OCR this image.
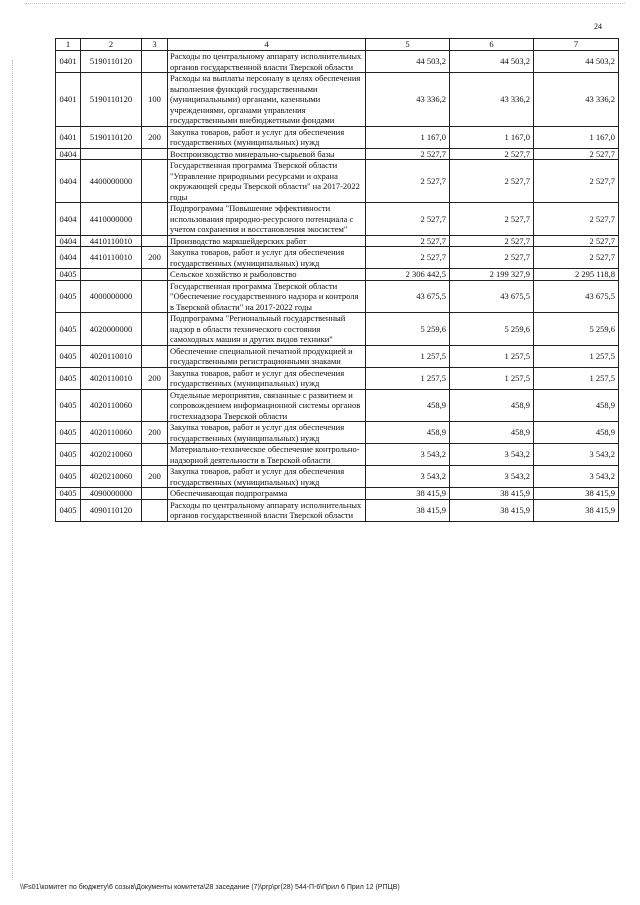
24
1	2	3	4	5	6	7
0401	5190110120		Расходы по центральному аппарату исполнительных органов государственной власти Тверской области	44 503,2	44 503,2	44 503,2
0401	5190110120	100	Расходы на выплаты персоналу в целях обеспечения выполнения функций государственными (муниципальными) органами, казенными учреждениями, органами управления государственными внебюджетными фондами	43 336,2	43 336,2	43 336,2
0401	5190110120	200	Закупка товаров, работ и услуг для обеспечения государственных (муниципальных) нужд	1 167,0	1 167,0	1 167,0
0404			Воспроизводство минерально-сырьевой базы	2 527,7	2 527,7	2 527,7
0404	4400000000		Государственная программа Тверской области "Управление природными ресурсами и охрана окружающей среды Тверской области" на 2017-2022 годы	2 527,7	2 527,7	2 527,7
0404	4410000000		Подпрограмма "Повышение эффективности использования природно-ресурсного потенциала с учетом сохранения и восстановления экосистем"	2 527,7	2 527,7	2 527,7
0404	4410110010		Производство маркшейдерских работ	2 527,7	2 527,7	2 527,7
0404	4410110010	200	Закупка товаров, работ и услуг для обеспечения государственных (муниципальных) нужд	2 527,7	2 527,7	2 527,7
0405			Сельское хозяйство и рыболовство	2 306 442,5	2 199 327,9	2 295 118,8
0405	4000000000		Государственная программа Тверской области "Обеспечение государственного надзора и контроля в Тверской области" на 2017-2022 годы	43 675,5	43 675,5	43 675,5
0405	4020000000		Подпрограмма "Региональный государственный надзор в области технического состояния самоходных машин и других видов техники"	5 259,6	5 259,6	5 259,6
0405	4020110010		Обеспечение специальной печатной продукцией и государственными регистрационными знаками	1 257,5	1 257,5	1 257,5
0405	4020110010	200	Закупка товаров, работ и услуг для обеспечения государственных (муниципальных) нужд	1 257,5	1 257,5	1 257,5
0405	4020110060		Отдельные мероприятия, связанные с развитием и сопровождением информационной системы органов гостехнадзора Тверской области	458,9	458,9	458,9
0405	4020110060	200	Закупка товаров, работ и услуг для обеспечения государственных (муниципальных) нужд	458,9	458,9	458,9
0405	4020210060		Материально-техническое обеспечение контрольно-надзорной деятельности в Тверской области	3 543,2	3 543,2	3 543,2
0405	4020210060	200	Закупка товаров, работ и услуг для обеспечения государственных (муниципальных) нужд	3 543,2	3 543,2	3 543,2
0405	4090000000		Обеспечивающая подпрограмма	38 415,9	38 415,9	38 415,9
0405	4090110120		Расходы по центральному аппарату исполнительных органов государственной власти Тверской области	38 415,9	38 415,9	38 415,9
\\Fs01\комитет по бюджету\6 созыв\Документы комитета\28 заседание (7)\ргр\рг(28) 544-П-6\Прил 6 Прил 12 (РПЦВ)
